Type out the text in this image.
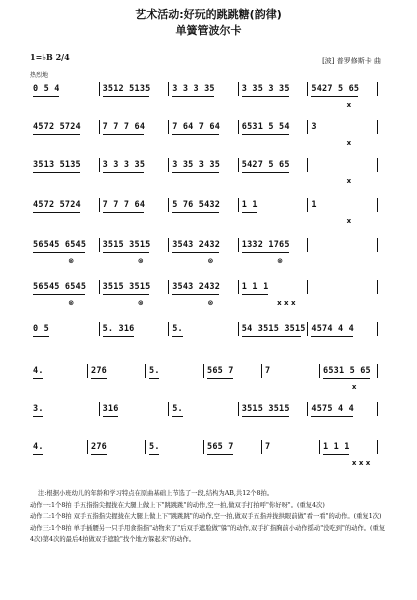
艺术活动:好玩的跳跳糖(韵律)
单簧管波尔卡
1=♭B 2/4
热烈地
[波] 普罗修斯卡 曲
0 5 4	3512 5135	3 3 3 35	3 35 3 35	5427 5 65
x
4572 5724	7 7 7 64	7 64 7 64	6531 5 54	3
x
3513 5135	3 3 3 35	3 35 3 35	5427 5 65
x
4572 5724	7 7 7 64	5 76 5432	1 1	1
x
56545 6545	3515 3515	3543 2432	1332 1765
⊗	⊗	⊗	⊗
56545 6545	3515 3515	3543 2432	1 1 1
⊗	⊗	⊗	x x x
0 5	5. 316	5.	54 3515 3515 4574 4 4
4.	276	5.	565 7	7	6531 5 65
x
3.	316	5.	3515 3515	4575 4 4
4.	276	5.	565 7	7	1 1 1
x x x
注:根据小班幼儿的年龄和学习特点在原曲基础上节选了一段,结构为AB,共12个8拍。
动作一:1个8拍 手五指指尖握拢在大腿上做上下"跳跳跳"的动作,空一拍,做双手打拍呼"你好呀"。(重复4次)
动作二:1个8拍 双手五指指尖握拢在大腿上做上下"跳跳跳"的动作,空一拍,做双手五指并拢拱眼前做"看一看"的动作。(重复1次)
动作三:1个8拍 单手插腰另一只手用食指指"动物来了"后双手遮脸做"躲"的动作,双手扩指胸前小动作摇动"没吃到"的动作。(重复4次)第4次的最后4拍做双手遮脸"找个地方躲起来"的动作。
